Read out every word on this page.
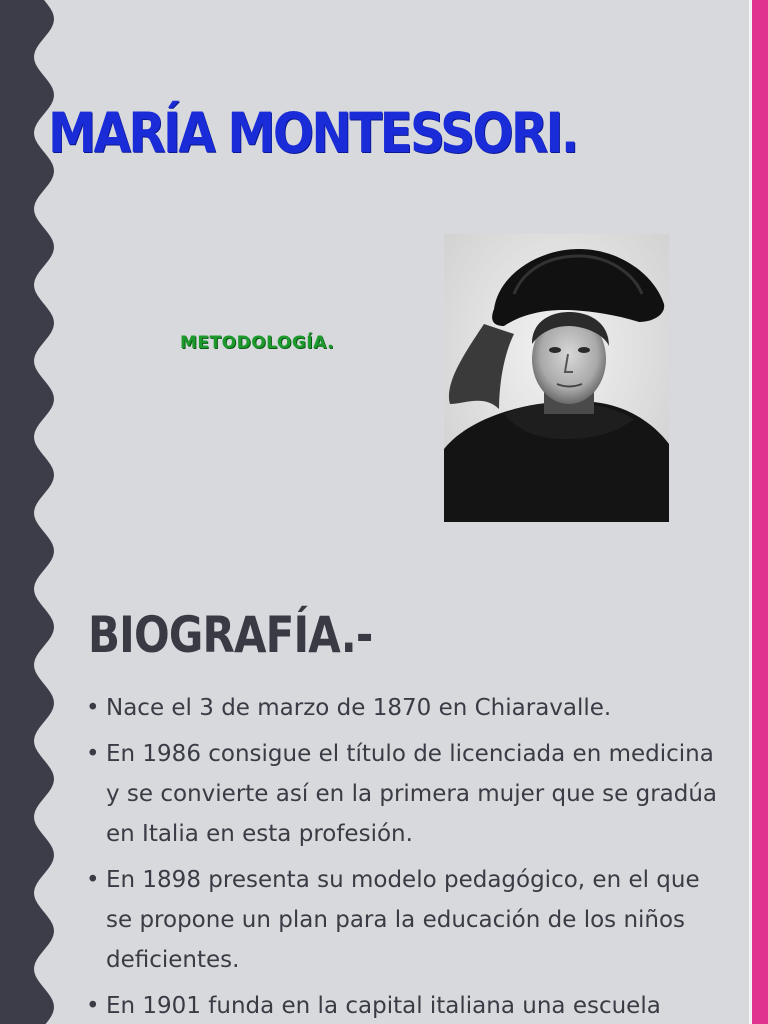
MARÍA MONTESSORI.
METODOLOGÍA.
BIOGRAFÍA.-
• Nace el 3 de marzo de 1870 en Chiaravalle.
• En 1986 consigue el título de licenciada en medicina y se convierte así en la primera mujer que se gradúa en Italia en esta profesión.
• En 1898 presenta su modelo pedagógico, en el que se propone un plan para la educación de los niños deficientes.
• En 1901 funda en la capital italiana una escuela
